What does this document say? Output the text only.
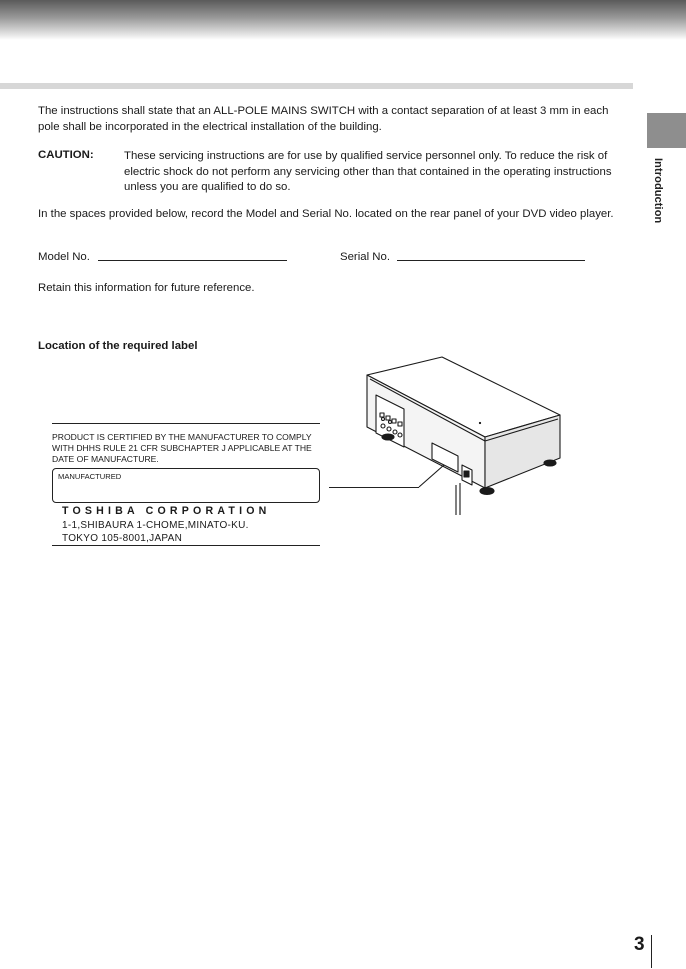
Introduction
The instructions shall state that an ALL-POLE MAINS SWITCH with a contact separation of at least 3 mm in each pole shall be incorporated in the electrical installation of the building.
CAUTION:	These servicing instructions are for use by qualified service personnel only. To reduce the risk of electric shock do not perform any servicing other than that contained in the operating instructions unless you are qualified to do so.
In the spaces provided below, record the Model and Serial No. located on the rear panel of your DVD video player.
Model No.	Serial No.
Retain this information for future reference.
Location of the required label
PRODUCT IS CERTIFIED BY THE MANUFACTURER TO COMPLY WITH DHHS RULE 21 CFR SUBCHAPTER J APPLICABLE AT THE DATE OF MANUFACTURE.
MANUFACTURED
TOSHIBA CORPORATION
1-1,SHIBAURA 1-CHOME,MINATO-KU.
TOKYO 105-8001,JAPAN
3
